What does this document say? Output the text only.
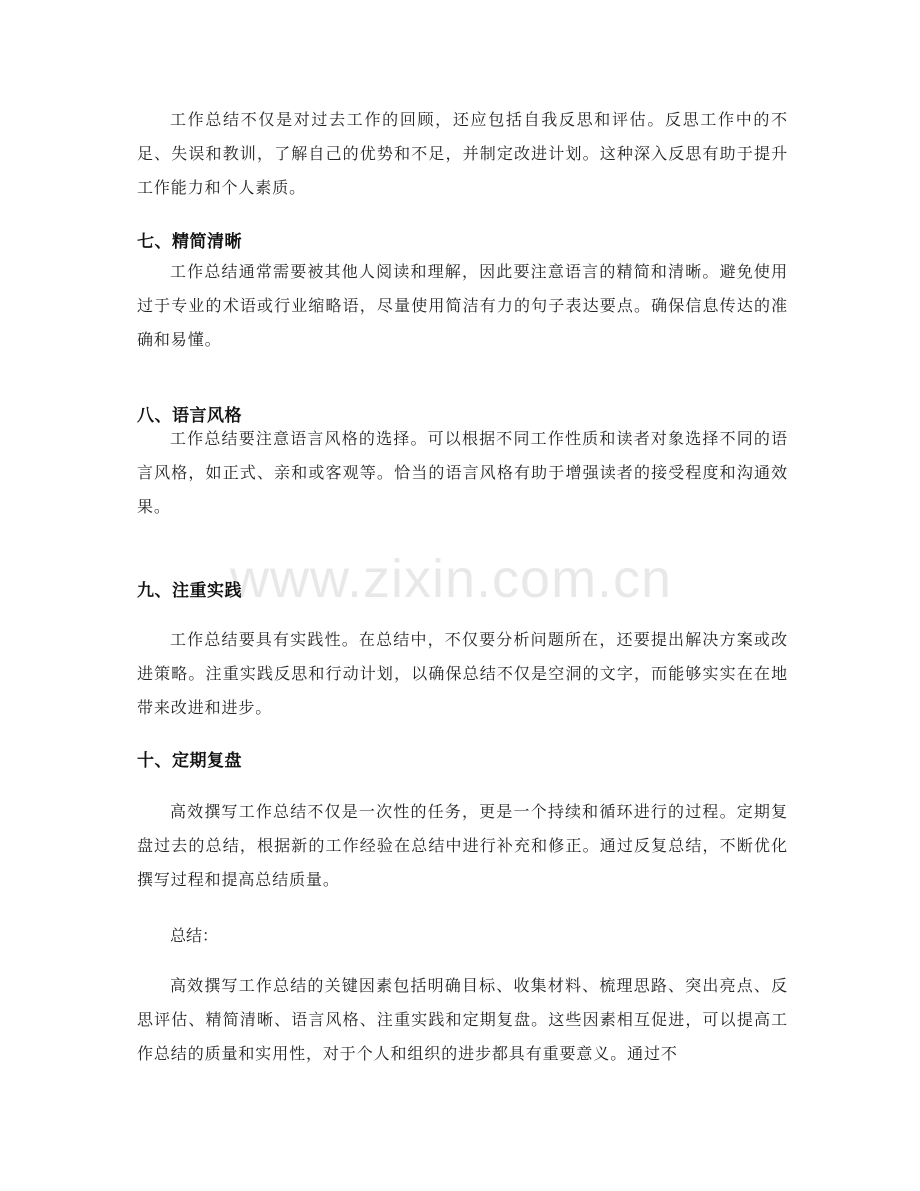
www.zixin.com.cn

工作总结不仅是对过去工作的回顾，还应包括自我反思和评估。反思工作中的不足、失误和教训，了解自己的优势和不足，并制定改进计划。这种深入反思有助于提升工作能力和个人素质。

七、精简清晰

工作总结通常需要被其他人阅读和理解，因此要注意语言的精简和清晰。避免使用过于专业的术语或行业缩略语，尽量使用简洁有力的句子表达要点。确保信息传达的准确和易懂。

八、语言风格

工作总结要注意语言风格的选择。可以根据不同工作性质和读者对象选择不同的语言风格，如正式、亲和或客观等。恰当的语言风格有助于增强读者的接受程度和沟通效果。

九、注重实践

工作总结要具有实践性。在总结中，不仅要分析问题所在，还要提出解决方案或改进策略。注重实践反思和行动计划，以确保总结不仅是空洞的文字，而能够实实在在地带来改进和进步。

十、定期复盘

高效撰写工作总结不仅是一次性的任务，更是一个持续和循环进行的过程。定期复盘过去的总结，根据新的工作经验在总结中进行补充和修正。通过反复总结，不断优化撰写过程和提高总结质量。

总结：

高效撰写工作总结的关键因素包括明确目标、收集材料、梳理思路、突出亮点、反思评估、精简清晰、语言风格、注重实践和定期复盘。这些因素相互促进，可以提高工作总结的质量和实用性，对于个人和组织的进步都具有重要意义。通过不
